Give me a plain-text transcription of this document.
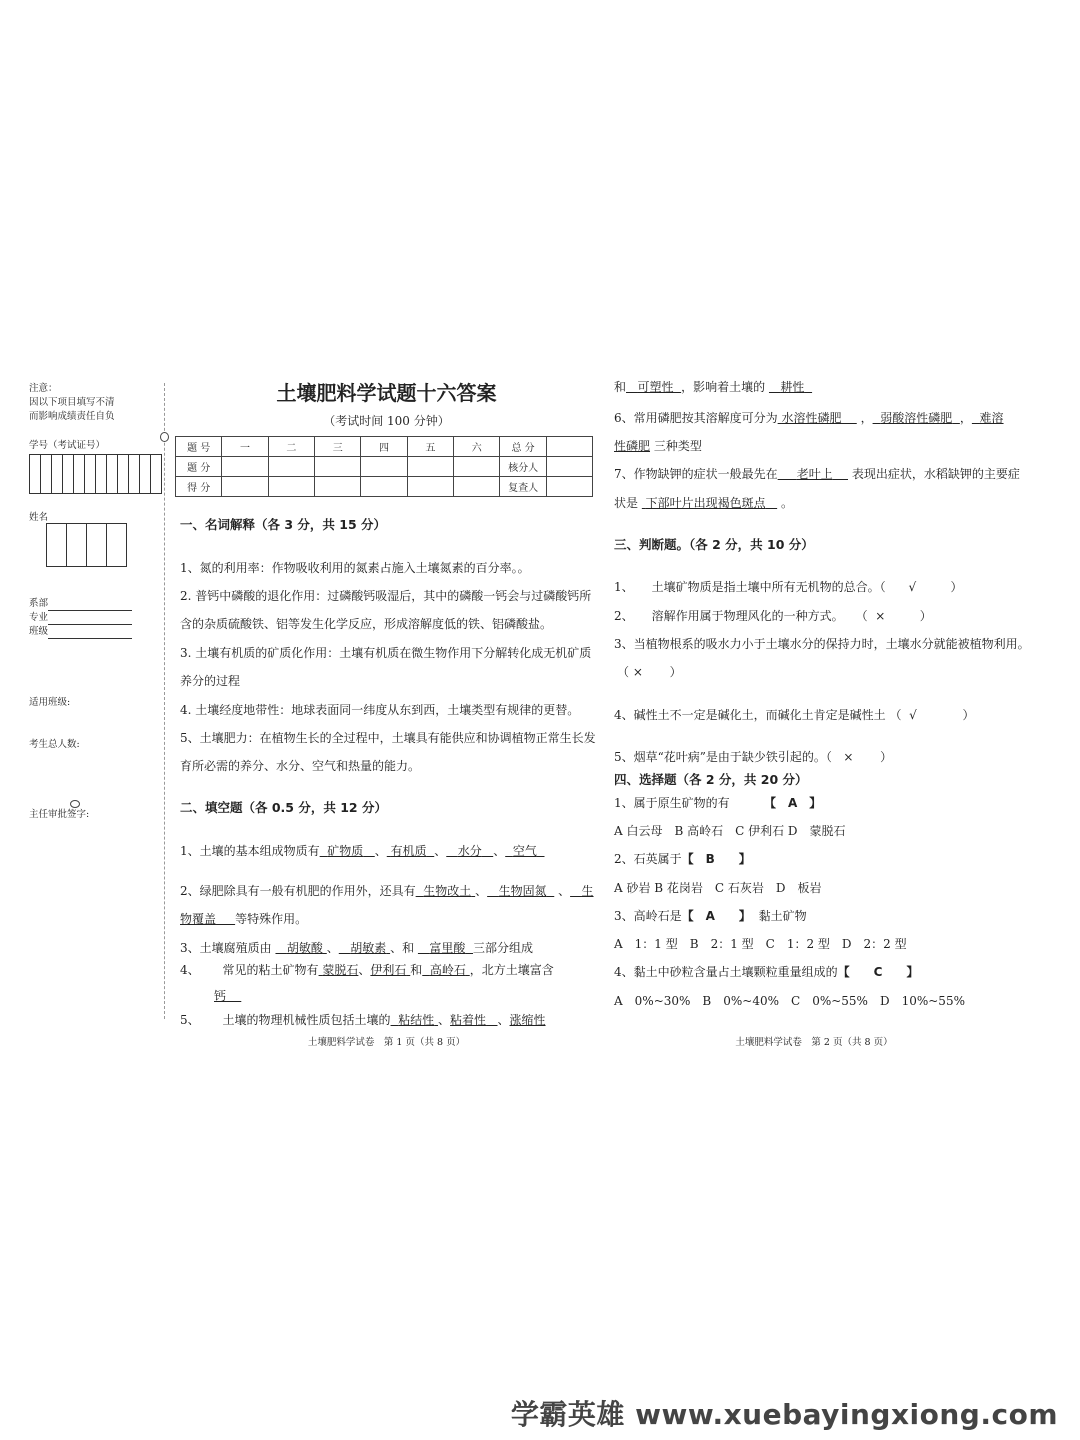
注意：
因以下项目填写不清
而影响成绩责任自负
学号（考试证号）
姓名
系部
专业
班级
适用班级:
考生总人数:
主任审批签字:
土壤肥料学试题十六答案
（考试时间 100 分钟）
题 号	一	二	三	四	五	六	总 分	
题 分							核分人	
得 分							复查人	
一、名词解释（各 3 分，共 15 分）
1、氮的利用率：作物吸收利用的氮素占施入土壤氮素的百分率。。
2. 普钙中磷酸的退化作用：过磷酸钙吸湿后，其中的磷酸一钙会与过磷酸钙所
含的杂质硫酸铁、铝等发生化学反应，形成溶解度低的铁、铝磷酸盐。
3. 土壤有机质的矿质化作用：土壤有机质在微生物作用下分解转化成无机矿质
养分的过程
4. 土壤经度地带性：地球表面同一纬度从东到西，土壤类型有规律的更替。
5、土壤肥力：在植物生长的全过程中，土壤具有能供应和协调植物正常生长发
育所必需的养分、水分、空气和热量的能力。
二、填空题（各 0.5 分，共 12 分）
1、土壤的基本组成物质有 矿物质 、 有机质 、 水分 、 空气
2、绿肥除具有一般有机肥的作用外，还具有 生物改土 、 生物固氮   、 生
物覆盖 等特殊作用。
3、土壤腐殖质由 胡敏酸 、 胡敏素 、和 富里酸 三部分组成
4、 常见的粘土矿物有 蒙脱石、伊利石 和 高岭石 ，北方土壤富含
钙
5、 土壤的物理机械性质包括土壤的 粘结性 、粘着性 、涨缩性
土壤肥料学试卷　第 1 页（共 8 页）
和 可塑性 ，影响着土壤的 耕性
6、常用磷肥按其溶解度可分为 水溶性磷肥     ， 弱酸溶性磷肥 ， 难溶
性磷肥 三种类型
7、作物缺钾的症状一般最先在 老叶上 表现出症状，水稻缺钾的主要症
状是 下部叶片出现褐色斑点 。
三、判断题。（各 2 分，共 10 分）
1、　　土壤矿物质是指土壤中所有无机物的总合。（ √	）
2、　　溶解作用属于物理风化的一种方式。　　（ ×	）
3、当植物根系的吸水力小于土壤水分的保持力时，土壤水分就能被植物利用。
（ × ）
4、碱性土不一定是碱化土，而碱化土肯定是碱性土 （ √	）
5、烟草“花叶病”是由于缺少铁引起的。（ × ）
四、选择题（各 2 分，共 20 分）
1、属于原生矿物的有	【　A　】
A 白云母　B 高岭石　C 伊利石 D　蒙脱石
2、石英属于【　B　　】
A 砂岩 B 花岗岩　C 石灰岩　D　板岩
3、高岭石是【　A　　】 黏土矿物
A　1：1 型　B　2：1 型　C　1：2 型　D　2：2 型
4、黏土中砂粒含量占土壤颗粒重量组成的【　　C　　】
A　0%~30%　B　0%~40%　C　0%~55%　D　10%~55%
土壤肥料学试卷　第 2 页（共 8 页）
学霸英雄 www.xuebayingxiong.com
